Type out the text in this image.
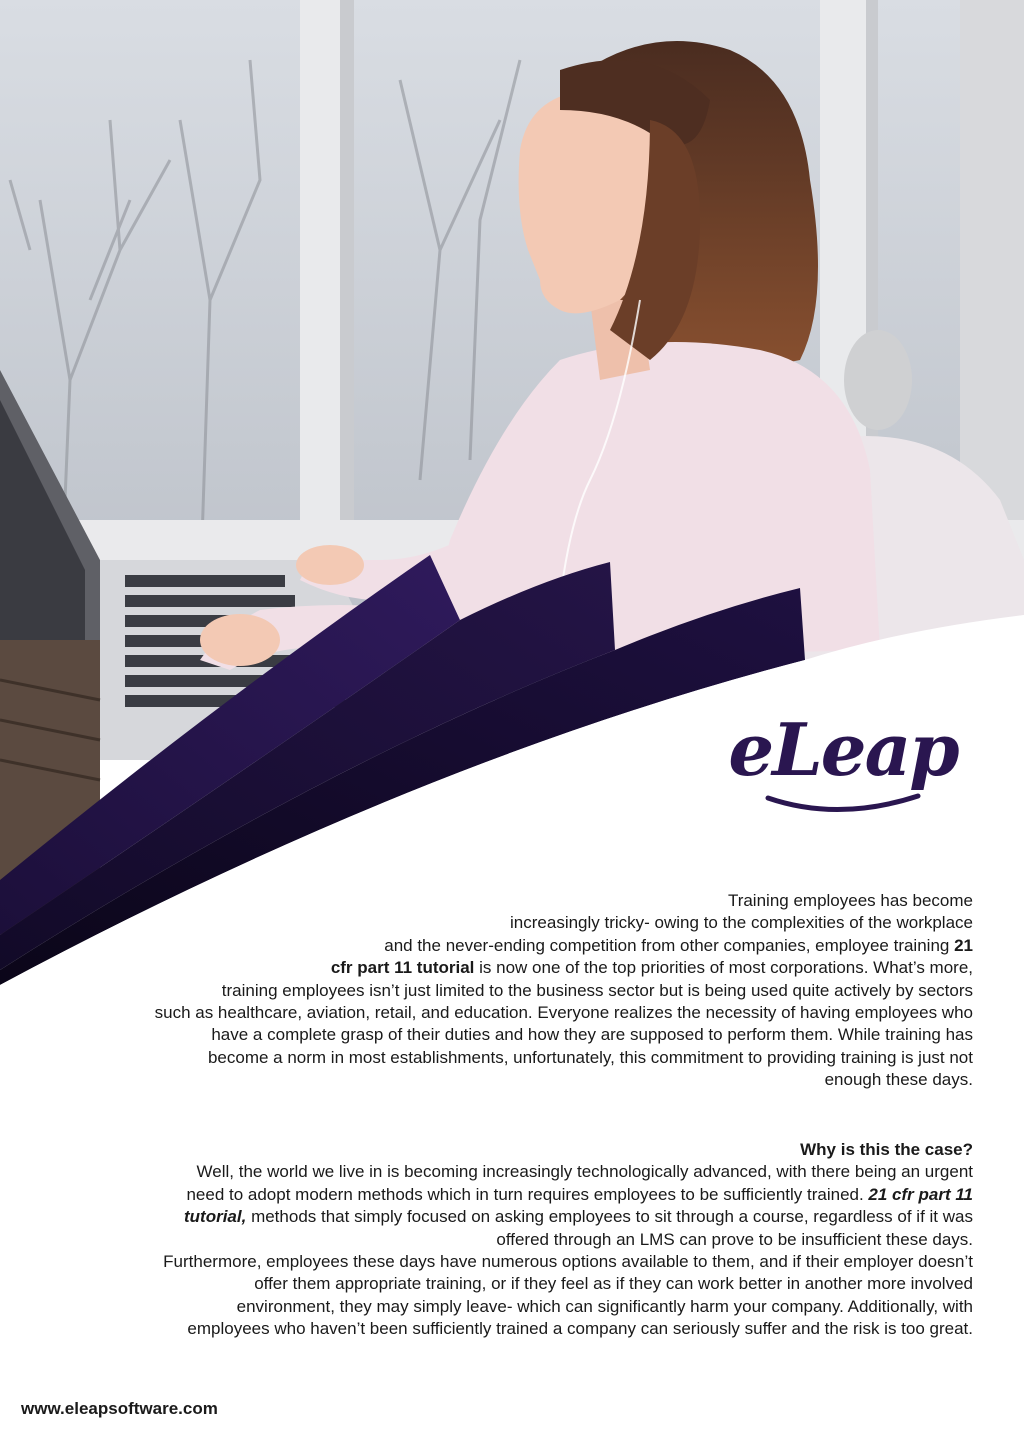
eLeap
Training employees has become
increasingly tricky- owing to the complexities of the workplace
and the never-ending competition from other companies, employee training 21
cfr part 11 tutorial is now one of the top priorities of most corporations. What’s more,
training employees isn’t just limited to the business sector but is being used quite actively by sectors
such as healthcare, aviation, retail, and education. Everyone realizes the necessity of having employees who
have a complete grasp of their duties and how they are supposed to perform them. While training has
become a norm in most establishments, unfortunately, this commitment to providing training is just not
enough these days.
Why is this the case?
Well, the world we live in is becoming increasingly technologically advanced, with there being an urgent
need to adopt modern methods which in turn requires employees to be sufficiently trained. 21 cfr part 11
tutorial, methods that simply focused on asking employees to sit through a course, regardless of if it was
offered through an LMS can prove to be insufficient these days.
Furthermore, employees these days have numerous options available to them, and if their employer doesn’t
offer them appropriate training, or if they feel as if they can work better in another more involved
environment, they may simply leave- which can significantly harm your company. Additionally, with
employees who haven’t been sufficiently trained a company can seriously suffer and the risk is too great.
www.eleapsoftware.com
